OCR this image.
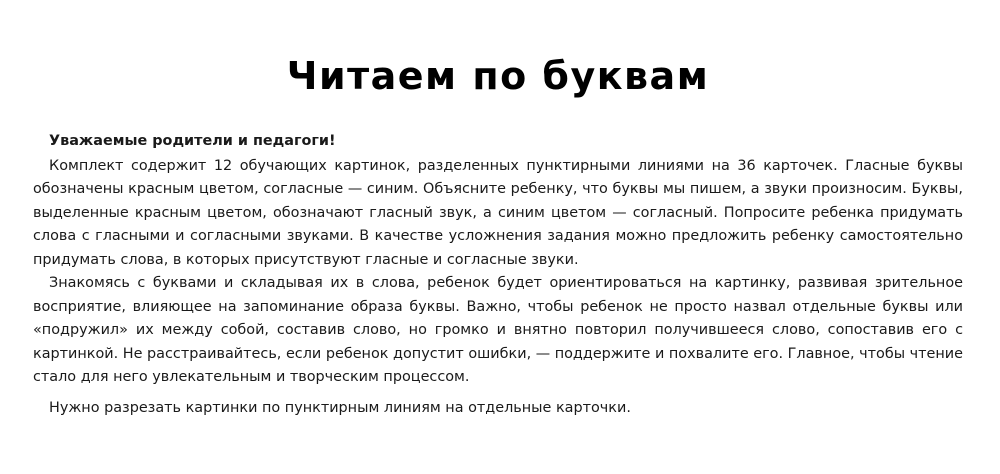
Читаем по буквам

Уважаемые родители и педагоги!

Комплект содержит 12 обучающих картинок, разделенных пунктирными линиями на 36 карточек. Гласные буквы обозначены красным цветом, согласные — синим. Объясните ребенку, что буквы мы пишем, а звуки произносим. Буквы, выделенные красным цветом, обозначают гласный звук, а синим цветом — согласный. Попросите ребенка придумать слова с гласными и согласными звуками. В качестве усложнения задания можно предложить ребенку самостоятельно придумать слова, в которых присутствуют гласные и согласные звуки.

Знакомясь с буквами и складывая их в слова, ребенок будет ориентироваться на картинку, развивая зрительное восприятие, влияющее на запоминание образа буквы. Важно, чтобы ребенок не просто назвал отдельные буквы или «подружил» их между собой, составив слово, но громко и внятно повторил получившееся слово, сопоставив его с картинкой. Не расстраивайтесь, если ребенок допустит ошибки, — поддержите и похвалите его. Главное, чтобы чтение стало для него увлекательным и творческим процессом.

Нужно разрезать картинки по пунктирным линиям на отдельные карточки.
